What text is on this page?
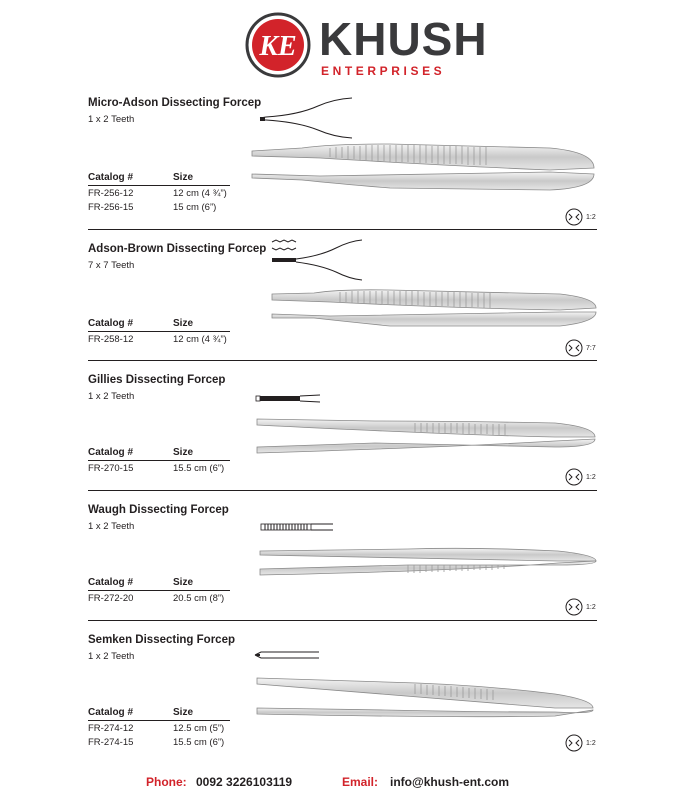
KE KHUSH
ENTERPRISES
Micro-Adson Dissecting Forcep
1 x 2 Teeth
Catalog #	Size
FR-256-12	12 cm (4 ¾”)
FR-256-15	15 cm (6”)
1:2
Adson-Brown Dissecting Forcep
7 x 7 Teeth
Catalog #	Size
FR-258-12	12 cm (4 ¾”)
7:7
Gillies Dissecting Forcep
1 x 2 Teeth
Catalog #	Size
FR-270-15	15.5 cm (6”)
1:2
Waugh Dissecting Forcep
1 x 2 Teeth
Catalog #	Size
FR-272-20	20.5 cm (8”)
1:2
Semken Dissecting Forcep
1 x 2 Teeth
Catalog #	Size
FR-274-12	12.5 cm (5”)
FR-274-15	15.5 cm (6”)	1:2
Phone: 0092 3226103119	Email: info@khush-ent.com
